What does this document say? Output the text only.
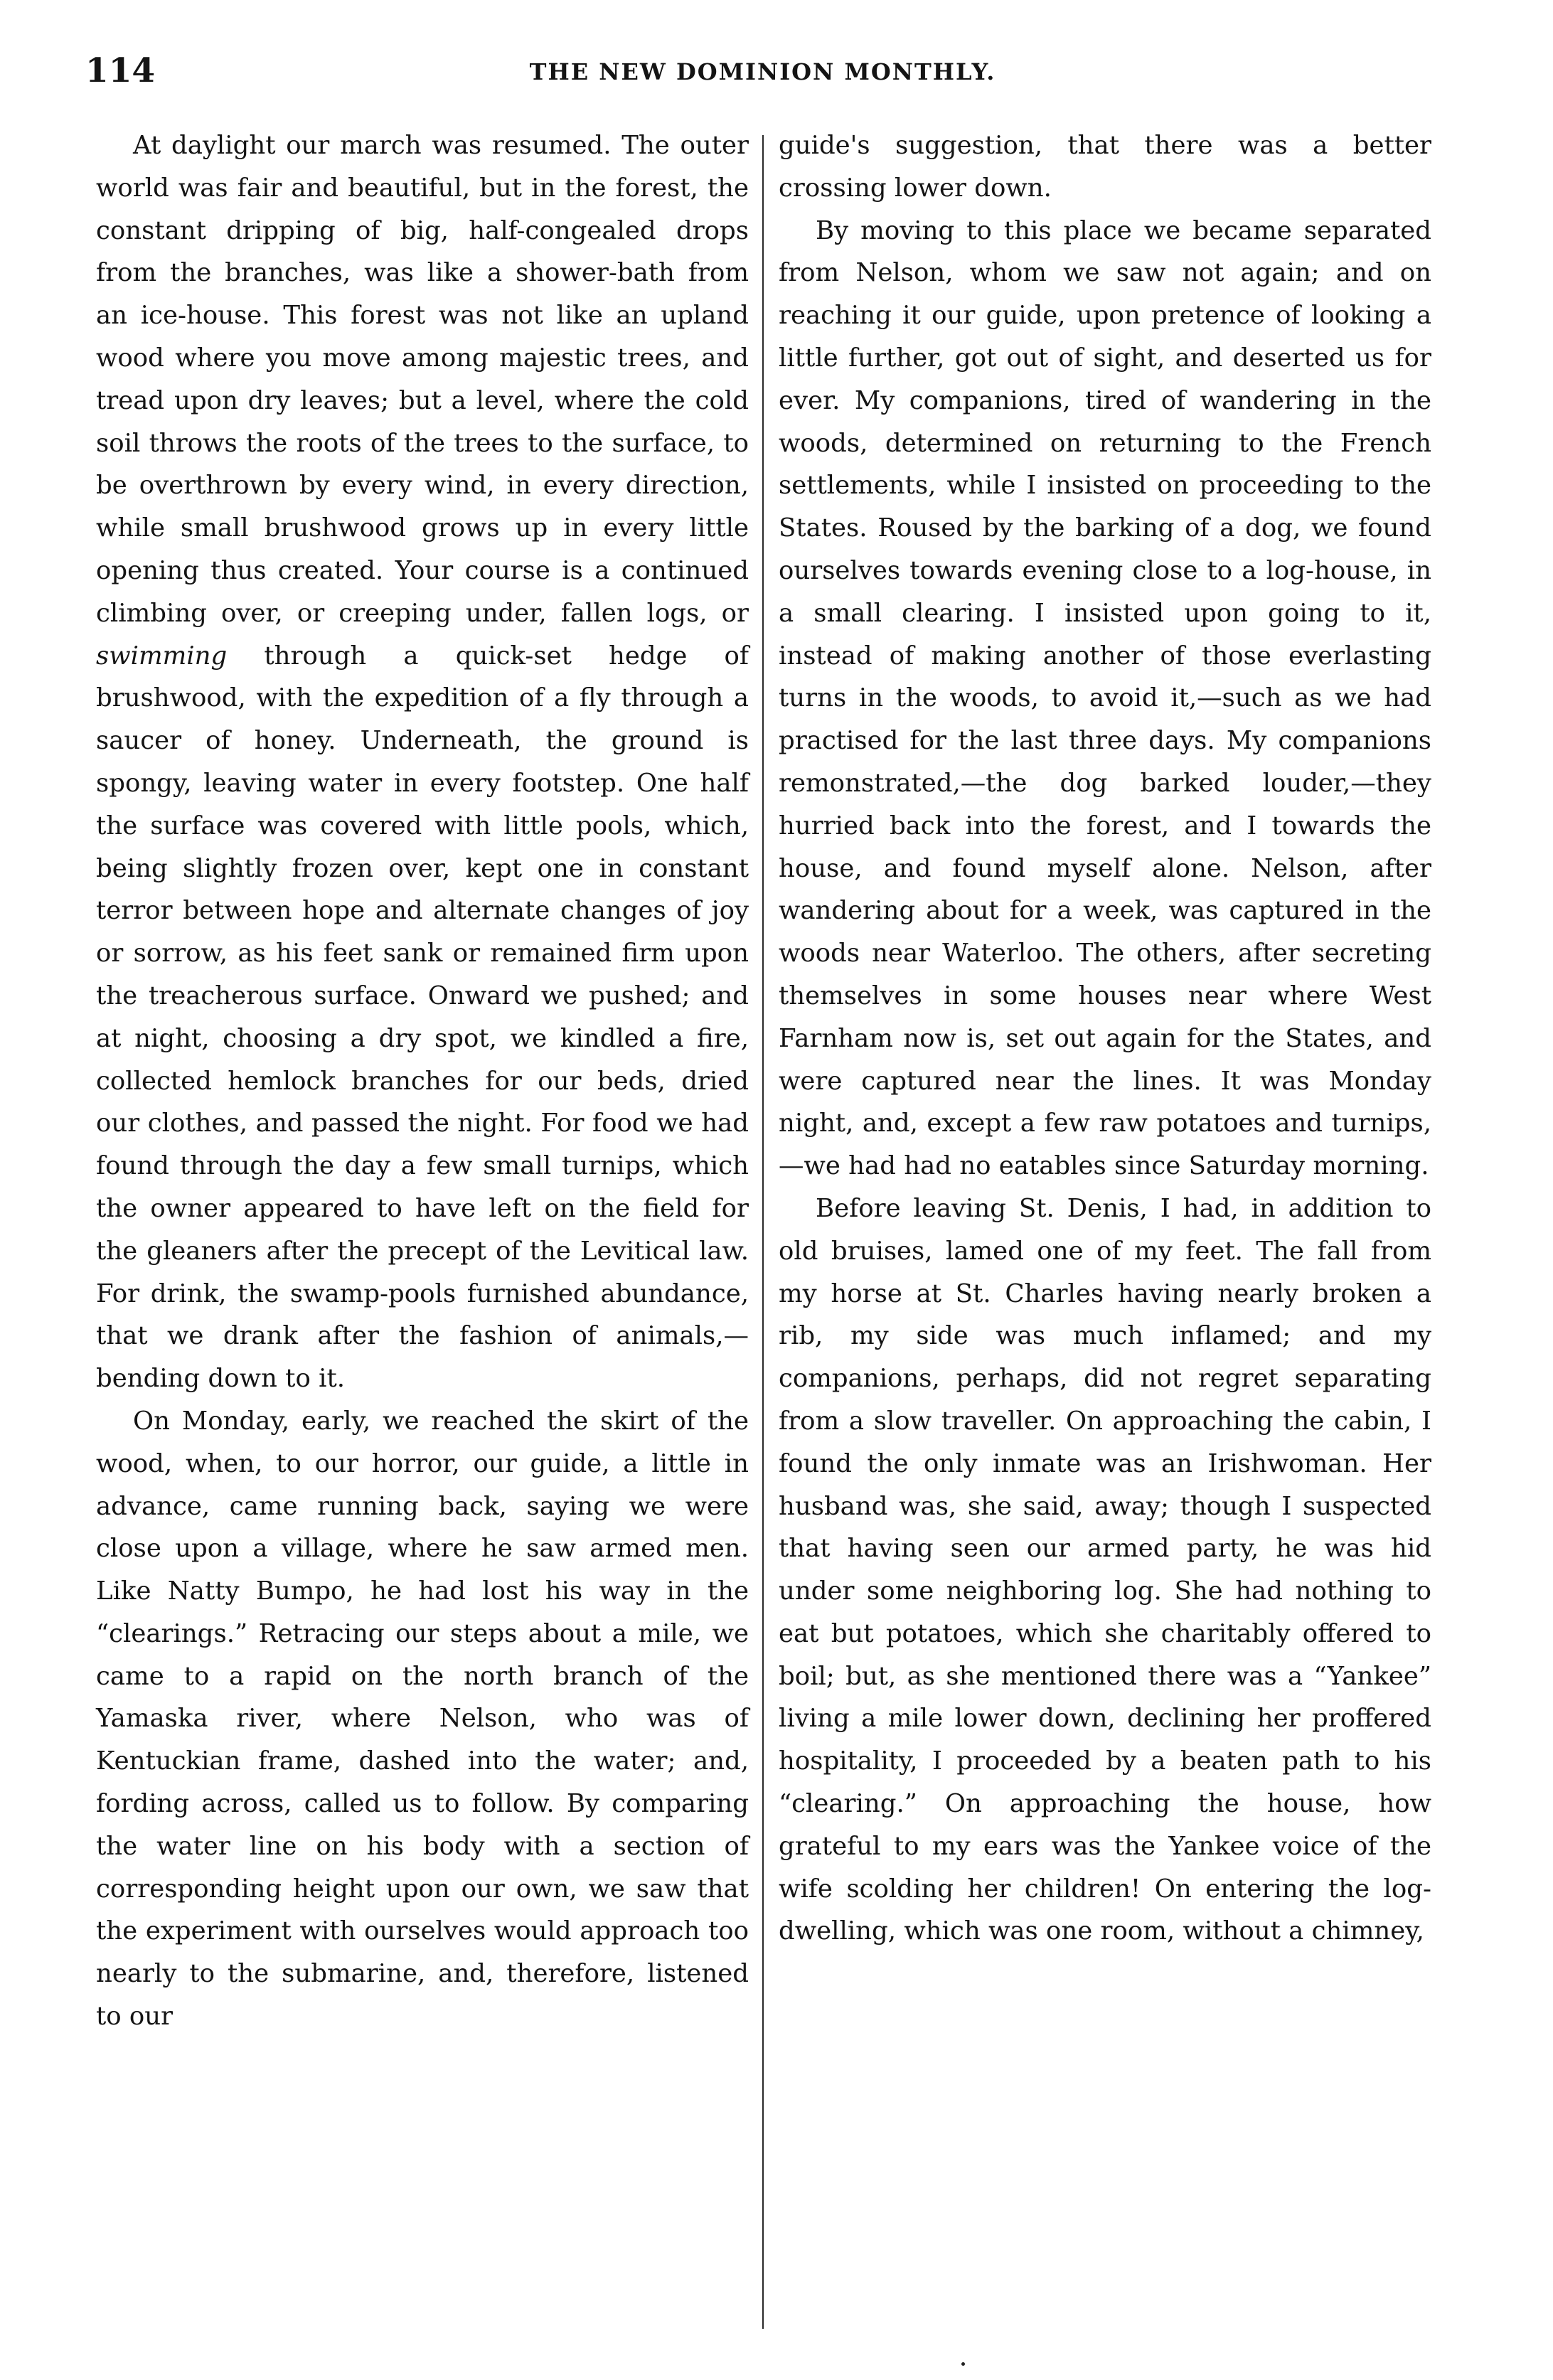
114	THE NEW DOMINION MONTHLY.

At daylight our march was resumed. The outer world was fair and beautiful, but in the forest, the constant dripping of big, half-congealed drops from the branches, was like a shower-bath from an ice-house. This forest was not like an upland wood where you move among majestic trees, and tread upon dry leaves; but a level, where the cold soil throws the roots of the trees to the surface, to be overthrown by every wind, in every direction, while small brushwood grows up in every little opening thus created. Your course is a continued climbing over, or creeping under, fallen logs, or swimming through a quick-set hedge of brushwood, with the expedition of a fly through a saucer of honey. Underneath, the ground is spongy, leaving water in every footstep. One half the surface was covered with little pools, which, being slightly frozen over, kept one in constant terror between hope and alternate changes of joy or sorrow, as his feet sank or remained firm upon the treacherous surface. Onward we pushed; and at night, choosing a dry spot, we kindled a fire, collected hemlock branches for our beds, dried our clothes, and passed the night. For food we had found through the day a few small turnips, which the owner appeared to have left on the field for the gleaners after the precept of the Levitical law. For drink, the swamp-pools furnished abundance, that we drank after the fashion of animals,—bending down to it.

On Monday, early, we reached the skirt of the wood, when, to our horror, our guide, a little in advance, came running back, saying we were close upon a village, where he saw armed men. Like Natty Bumpo, he had lost his way in the “clearings.” Retracing our steps about a mile, we came to a rapid on the north branch of the Yamaska river, where Nelson, who was of Kentuckian frame, dashed into the water; and, fording across, called us to follow. By comparing the water line on his body with a section of corresponding height upon our own, we saw that the experiment with ourselves would approach too nearly to the submarine, and, therefore, listened to our

guide's suggestion, that there was a better crossing lower down.

By moving to this place we became separated from Nelson, whom we saw not again; and on reaching it our guide, upon pretence of looking a little further, got out of sight, and deserted us for ever. My companions, tired of wandering in the woods, determined on returning to the French settlements, while I insisted on proceeding to the States. Roused by the barking of a dog, we found ourselves towards evening close to a log-house, in a small clearing. I insisted upon going to it, instead of making another of those everlasting turns in the woods, to avoid it,—such as we had practised for the last three days. My companions remonstrated,—the dog barked louder,—they hurried back into the forest, and I towards the house, and found myself alone. Nelson, after wandering about for a week, was captured in the woods near Waterloo. The others, after secreting themselves in some houses near where West Farnham now is, set out again for the States, and were captured near the lines. It was Monday night, and, except a few raw potatoes and turnips, —we had had no eatables since Saturday morning.

Before leaving St. Denis, I had, in addition to old bruises, lamed one of my feet. The fall from my horse at St. Charles having nearly broken a rib, my side was much inflamed; and my companions, perhaps, did not regret separating from a slow traveller. On approaching the cabin, I found the only inmate was an Irishwoman. Her husband was, she said, away; though I suspected that having seen our armed party, he was hid under some neighboring log. She had nothing to eat but potatoes, which she charitably offered to boil; but, as she mentioned there was a “Yankee” living a mile lower down, declining her proffered hospitality, I proceeded by a beaten path to his “clearing.” On approaching the house, how grateful to my ears was the Yankee voice of the wife scolding her children! On entering the log-dwelling, which was one room, without a chimney,
